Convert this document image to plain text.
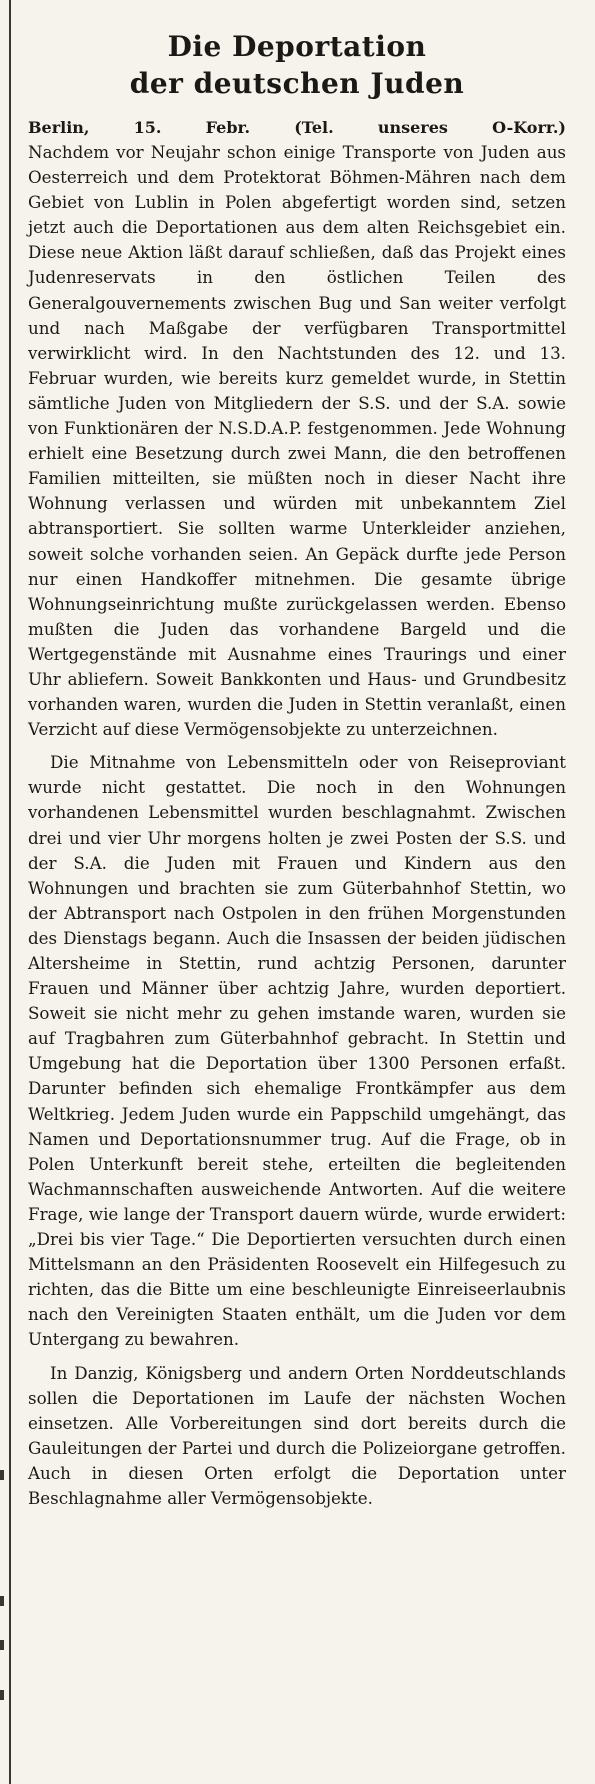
Die Deportation
der deutschen Juden

Berlin, 15. Febr. (Tel. unseres O-Korr.)

Nachdem vor Neujahr schon einige Transporte von Juden aus Oesterreich und dem Protektorat Böhmen-Mähren nach dem Gebiet von Lublin in Polen abgefertigt worden sind, setzen jetzt auch die Deportationen aus dem alten Reichsgebiet ein. Diese neue Aktion läßt darauf schließen, daß das Projekt eines Judenreservats in den östlichen Teilen des Generalgouvernements zwischen Bug und San weiter verfolgt und nach Maßgabe der verfügbaren Transportmittel verwirklicht wird. In den Nachtstunden des 12. und 13. Februar wurden, wie bereits kurz gemeldet wurde, in Stettin sämtliche Juden von Mitgliedern der S.S. und der S.A. sowie von Funktionären der N.S.D.A.P. festgenommen. Jede Wohnung erhielt eine Besetzung durch zwei Mann, die den betroffenen Familien mitteilten, sie müßten noch in dieser Nacht ihre Wohnung verlassen und würden mit unbekanntem Ziel abtransportiert. Sie sollten warme Unterkleider anziehen, soweit solche vorhanden seien. An Gepäck durfte jede Person nur einen Handkoffer mitnehmen. Die gesamte übrige Wohnungseinrichtung mußte zurückgelassen werden. Ebenso mußten die Juden das vorhandene Bargeld und die Wertgegenstände mit Ausnahme eines Traurings und einer Uhr abliefern. Soweit Bankkonten und Haus- und Grundbesitz vorhanden waren, wurden die Juden in Stettin veranlaßt, einen Verzicht auf diese Vermögensobjekte zu unterzeichnen.

Die Mitnahme von Lebensmitteln oder von Reiseproviant wurde nicht gestattet. Die noch in den Wohnungen vorhandenen Lebensmittel wurden beschlagnahmt. Zwischen drei und vier Uhr morgens holten je zwei Posten der S.S. und der S.A. die Juden mit Frauen und Kindern aus den Wohnungen und brachten sie zum Güterbahnhof Stettin, wo der Abtransport nach Ostpolen in den frühen Morgenstunden des Dienstags begann. Auch die Insassen der beiden jüdischen Altersheime in Stettin, rund achtzig Personen, darunter Frauen und Männer über achtzig Jahre, wurden deportiert. Soweit sie nicht mehr zu gehen imstande waren, wurden sie auf Tragbahren zum Güterbahnhof gebracht. In Stettin und Umgebung hat die Deportation über 1300 Personen erfaßt. Darunter befinden sich ehemalige Frontkämpfer aus dem Weltkrieg. Jedem Juden wurde ein Pappschild umgehängt, das Namen und Deportationsnummer trug. Auf die Frage, ob in Polen Unterkunft bereit stehe, erteilten die begleitenden Wachmannschaften ausweichende Antworten. Auf die weitere Frage, wie lange der Transport dauern würde, wurde erwidert: „Drei bis vier Tage.“ Die Deportierten versuchten durch einen Mittelsmann an den Präsidenten Roosevelt ein Hilfegesuch zu richten, das die Bitte um eine beschleunigte Einreiseerlaubnis nach den Vereinigten Staaten enthält, um die Juden vor dem Untergang zu bewahren.

In Danzig, Königsberg und andern Orten Norddeutschlands sollen die Deportationen im Laufe der nächsten Wochen einsetzen. Alle Vorbereitungen sind dort bereits durch die Gauleitungen der Partei und durch die Polizeiorgane getroffen. Auch in diesen Orten erfolgt die Deportation unter Beschlagnahme aller Vermögensobjekte.
